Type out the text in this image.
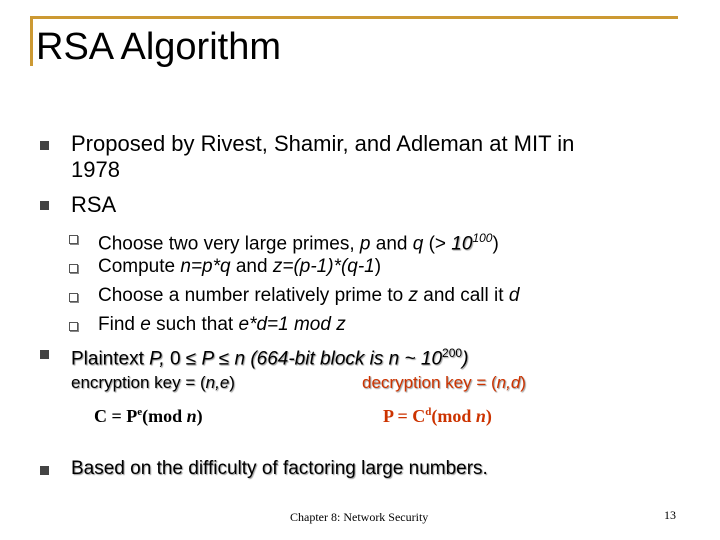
RSA Algorithm
Proposed by Rivest, Shamir, and Adleman at MIT in
1978
RSA
Choose two very large primes, p and q (> $10^{100}$)
Compute n=p*q and z=(p-1)*(q-1)
Choose a number relatively prime to z and call it d
Find e such that e*d=1 mod z
Plaintext P, 0 ≤ P ≤ n (664-bit block is n ~ $10^{200}$)
encryption key = (n,e)	decryption key = (n,d)
$C = P^e(mod$ n)	$P = C^d(mod$ n)
Based on the difficulty of factoring large numbers.
Chapter 8: Network Security	13
